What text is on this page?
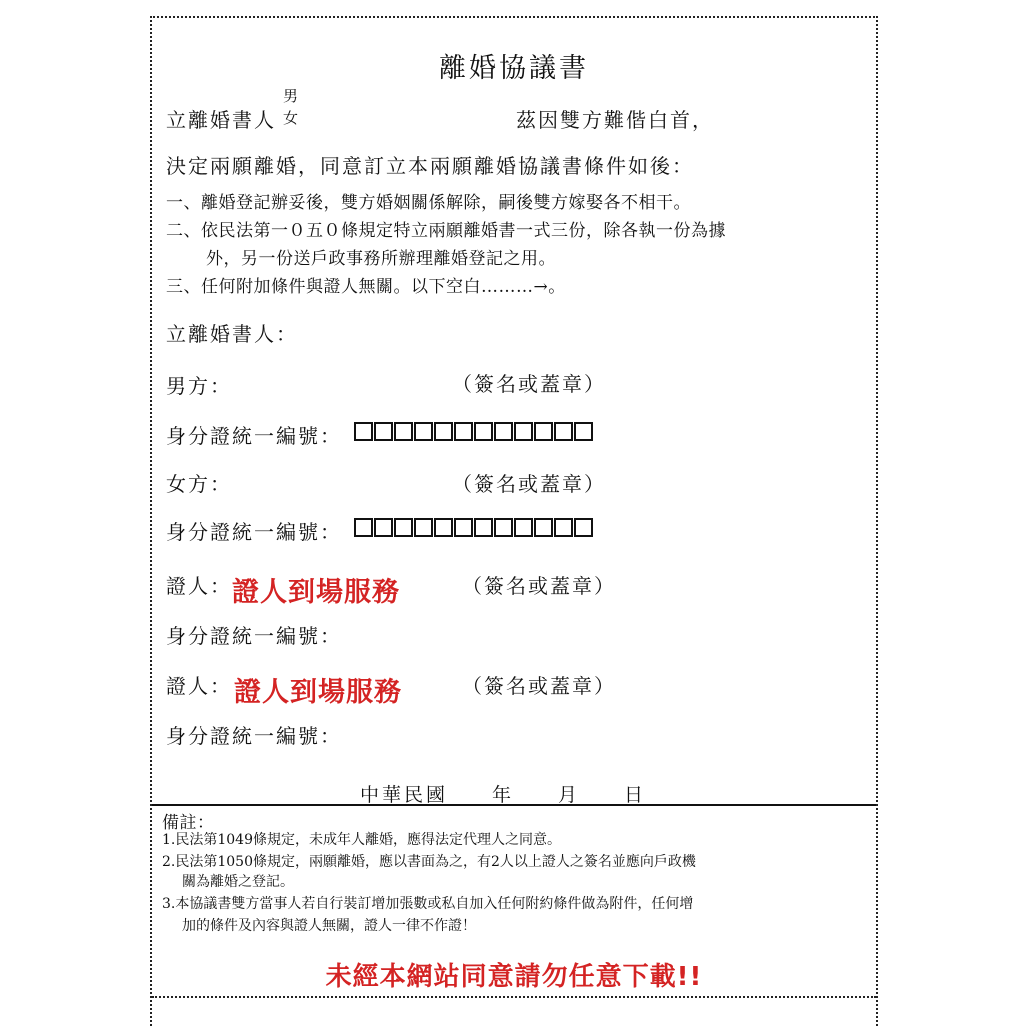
離婚協議書
立離婚書人
男
女	茲因雙方難偕白首，
決定兩願離婚，同意訂立本兩願離婚協議書條件如後：
一、離婚登記辦妥後，雙方婚姻關係解除，嗣後雙方嫁娶各不相干。
二、依民法第一０五０條規定特立兩願離婚書一式三份，除各執一份為據
外，另一份送戶政事務所辦理離婚登記之用。
三、任何附加條件與證人無關。以下空白………→。
立離婚書人：
男方：	（簽名或蓋章）
身分證統一編號：
女方：	（簽名或蓋章）
身分證統一編號：
證人： 證人到場服務	（簽名或蓋章）
身分證統一編號：
證人： 證人到場服務	（簽名或蓋章）
身分證統一編號：
中華民國　　年　　月　　日
備註：
1.民法第1049條規定，未成年人離婚，應得法定代理人之同意。
2.民法第1050條規定，兩願離婚，應以書面為之，有2人以上證人之簽名並應向戶政機
關為離婚之登記。
3.本協議書雙方當事人若自行裝訂增加張數或私自加入任何附約條件做為附件，任何增
加的條件及內容與證人無關，證人一律不作證！
未經本網站同意請勿任意下載!!
